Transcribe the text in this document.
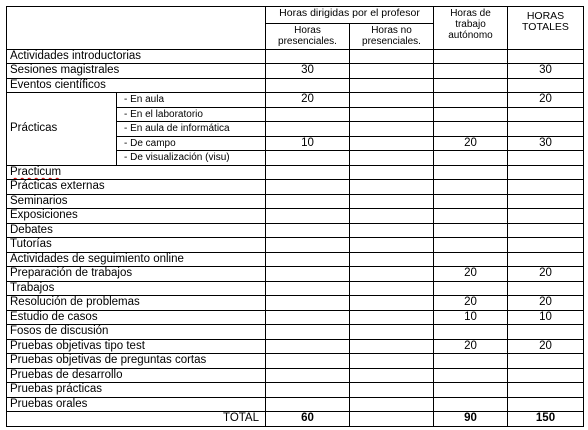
		Horas dirigidas por el profesor		Horas de trabajo autónomo	HORAS TOTALES
		Horas presenciales.	Horas no presenciales.		
Actividades introductorias					
Sesiones magistrales		30			30
Eventos científicos					
Prácticas	- En aula	20			20
	- En el laboratorio				
	- En aula de informática				
	- De campo	10		20	30
	- De visualización (visu)				
Practicum					
Prácticas externas					
Seminarios					
Exposiciones					
Debates					
Tutorías					
Actividades de seguimiento online					
Preparación de trabajos				20	20
Trabajos					
Resolución de problemas				20	20
Estudio de casos				10	10
Fosos de discusión					
Pruebas objetivas tipo test				20	20
Pruebas objetivas de preguntas cortas					
Pruebas de desarrollo					
Pruebas prácticas					
Pruebas orales					
TOTAL		60		90	150
